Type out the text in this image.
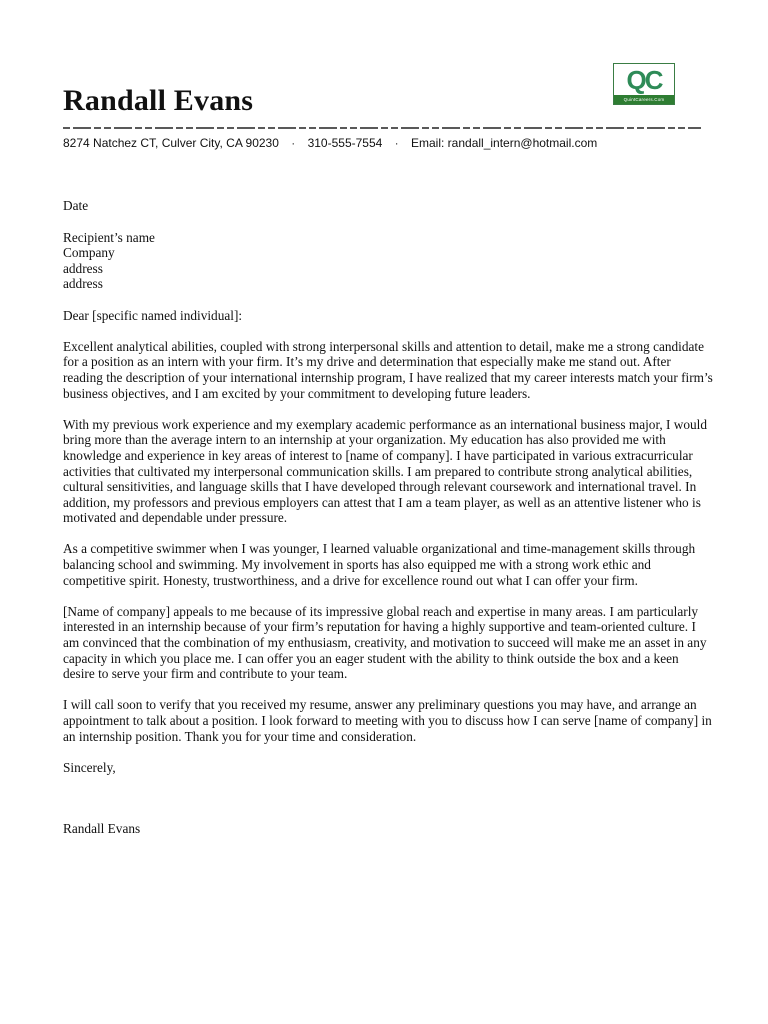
Randall Evans
QC
QuintCareers.Com
8274 Natchez CT, Culver City, CA 90230 · 310-555-7554 · Email: randall_intern@hotmail.com

Date

Recipient’s name

Company

address

address

Dear [specific named individual]:

Excellent analytical abilities, coupled with strong interpersonal skills and attention to detail, make me a strong candidate for a position as an intern with your firm. It’s my drive and determination that especially make me stand out. After reading the description of your international internship program, I have realized that my career interests match your firm’s business objectives, and I am excited by your commitment to developing future leaders.

With my previous work experience and my exemplary academic performance as an international business major, I would bring more than the average intern to an internship at your organization. My education has also provided me with knowledge and experience in key areas of interest to [name of company]. I have participated in various extracurricular activities that cultivated my interpersonal communication skills. I am prepared to contribute strong analytical abilities, cultural sensitivities, and language skills that I have developed through relevant coursework and international travel. In addition, my professors and previous employers can attest that I am a team player, as well as an attentive listener who is motivated and dependable under pressure.

As a competitive swimmer when I was younger, I learned valuable organizational and time-management skills through balancing school and swimming. My involvement in sports has also equipped me with a strong work ethic and competitive spirit. Honesty, trustworthiness, and a drive for excellence round out what I can offer your firm.

[Name of company] appeals to me because of its impressive global reach and expertise in many areas. I am particularly interested in an internship because of your firm’s reputation for having a highly supportive and team-oriented culture. I am convinced that the combination of my enthusiasm, creativity, and motivation to succeed will make me an asset in any capacity in which you place me. I can offer you an eager student with the ability to think outside the box and a keen desire to serve your firm and contribute to your team.

I will call soon to verify that you received my resume, answer any preliminary questions you may have, and arrange an appointment to talk about a position. I look forward to meeting with you to discuss how I can serve [name of company] in an internship position. Thank you for your time and consideration.

Sincerely,

Randall Evans
